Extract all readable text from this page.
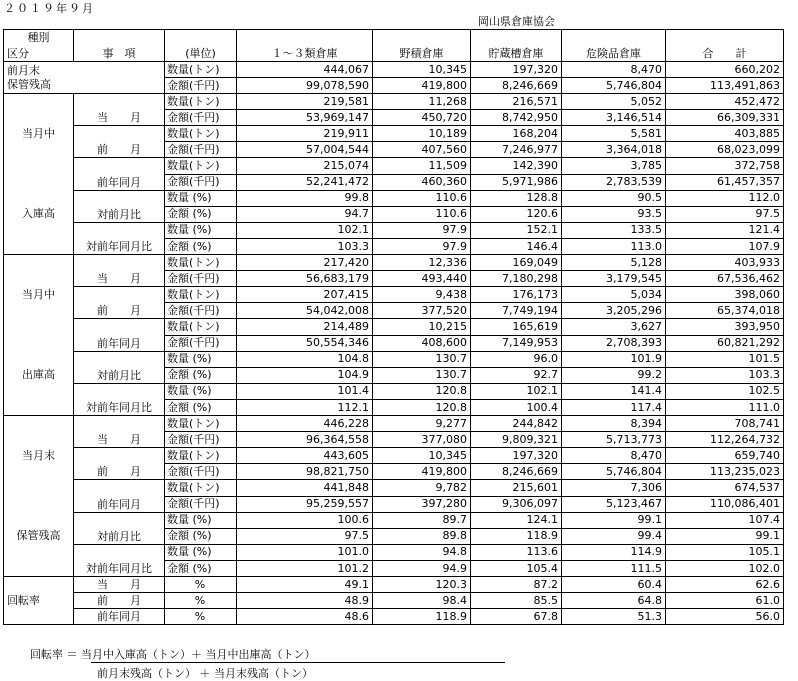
２０１９年９月
岡山県倉庫協会
種別
区分	事　項	(単位)	１～３類倉庫	野積倉庫	貯蔵槽倉庫	危険品倉庫	合　　計

前月末
保管残高		数量(トン)	444,067	10,345	197,320	8,470	660,202
		金額(千円)	99,078,590	419,800	8,246,669	5,746,804	113,491,863

当月中
入庫高	当　　月	数量(トン)	219,581	11,268	216,571	5,052	452,472
		金額(千円)	53,969,147	450,720	8,742,950	3,146,514	66,309,331
	前　　月	数量(トン)	219,911	10,189	168,204	5,581	403,885
		金額(千円)	57,004,544	407,560	7,246,977	3,364,018	68,023,099
	前年同月	数量(トン)	215,074	11,509	142,390	3,785	372,758
		金額(千円)	52,241,472	460,360	5,971,986	2,783,539	61,457,357
	対前月比	数量 (%)	99.8	110.6	128.8	90.5	112.0
		金額 (%)	94.7	110.6	120.6	93.5	97.5
	対前年同月比	数量 (%)	102.1	97.9	152.1	133.5	121.4
		金額 (%)	103.3	97.9	146.4	113.0	107.9

当月中
出庫高	当　　月	数量(トン)	217,420	12,336	169,049	5,128	403,933
		金額(千円)	56,683,179	493,440	7,180,298	3,179,545	67,536,462
	前　　月	数量(トン)	207,415	9,438	176,173	5,034	398,060
		金額(千円)	54,042,008	377,520	7,749,194	3,205,296	65,374,018
	前年同月	数量(トン)	214,489	10,215	165,619	3,627	393,950
		金額(千円)	50,554,346	408,600	7,149,953	2,708,393	60,821,292
	対前月比	数量 (%)	104.8	130.7	96.0	101.9	101.5
		金額 (%)	104.9	130.7	92.7	99.2	103.3
	対前年同月比	数量 (%)	101.4	120.8	102.1	141.4	102.5
		金額 (%)	112.1	120.8	100.4	117.4	111.0

当月末
保管残高	当　　月	数量(トン)	446,228	9,277	244,842	8,394	708,741
		金額(千円)	96,364,558	377,080	9,809,321	5,713,773	112,264,732
	前　　月	数量(トン)	443,605	10,345	197,320	8,470	659,740
		金額(千円)	98,821,750	419,800	8,246,669	5,746,804	113,235,023
	前年同月	数量(トン)	441,848	9,782	215,601	7,306	674,537
		金額(千円)	95,259,557	397,280	9,306,097	5,123,467	110,086,401
	対前月比	数量 (%)	100.6	89.7	124.1	99.1	107.4
		金額 (%)	97.5	89.8	118.9	99.4	99.1
	対前年同月比	数量 (%)	101.0	94.8	113.6	114.9	105.1
		金額 (%)	101.2	94.9	105.4	111.5	102.0
回転率	当　　月	%	49.1	120.3	87.2	60.4	62.6
	前　　月	%	48.9	98.4	85.5	64.8	61.0
	前年同月	%	48.6	118.9	67.8	51.3	56.0
回転率 ＝ 当月中入庫高（トン）＋ 当月中出庫高（トン）
前月末残高（トン） ＋ 当月末残高（トン）
